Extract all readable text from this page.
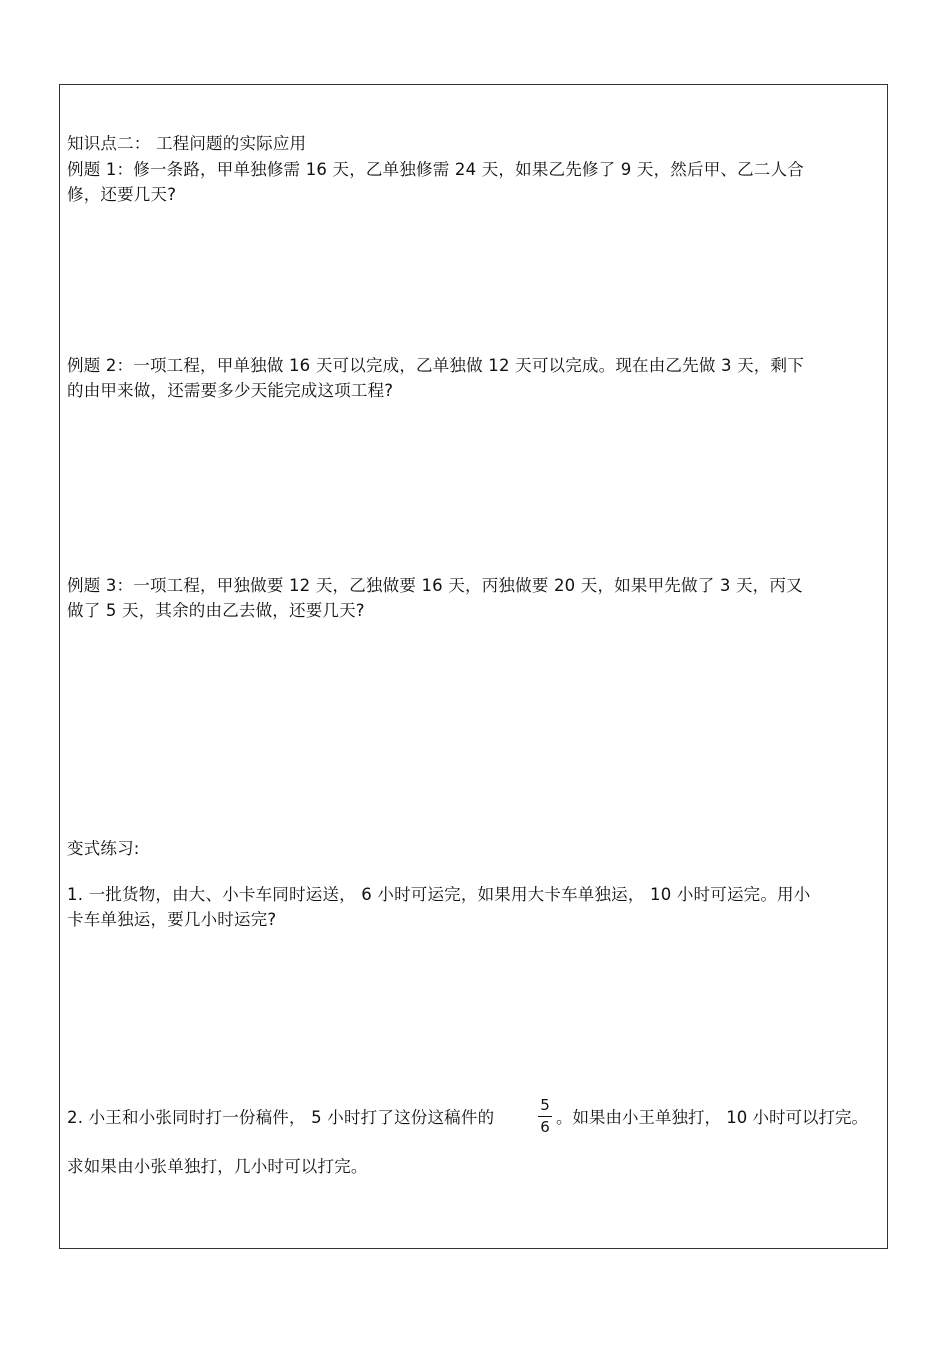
知识点二： 工程问题的实际应用
例题 1：修一条路，甲单独修需 16 天，乙单独修需 24 天，如果乙先修了 9 天，然后甲、乙二人合
修，还要几天?
例题 2：一项工程，甲单独做 16 天可以完成，乙单独做 12 天可以完成。现在由乙先做 3 天，剩下
的由甲来做，还需要多少天能完成这项工程?
例题 3：一项工程，甲独做要 12 天，乙独做要 16 天，丙独做要 20 天，如果甲先做了 3 天，丙又
做了 5 天，其余的由乙去做，还要几天?
变式练习:
1. 一批货物，由大、小卡车同时运送， 6 小时可运完，如果用大卡车单独运， 10 小时可运完。用小
卡车单独运，要几小时运完?
2. 小王和小张同时打一份稿件， 5 小时打了这份这稿件的
5
6 。如果由小王单独打， 10 小时可以打完。
求如果由小张单独打，几小时可以打完。
